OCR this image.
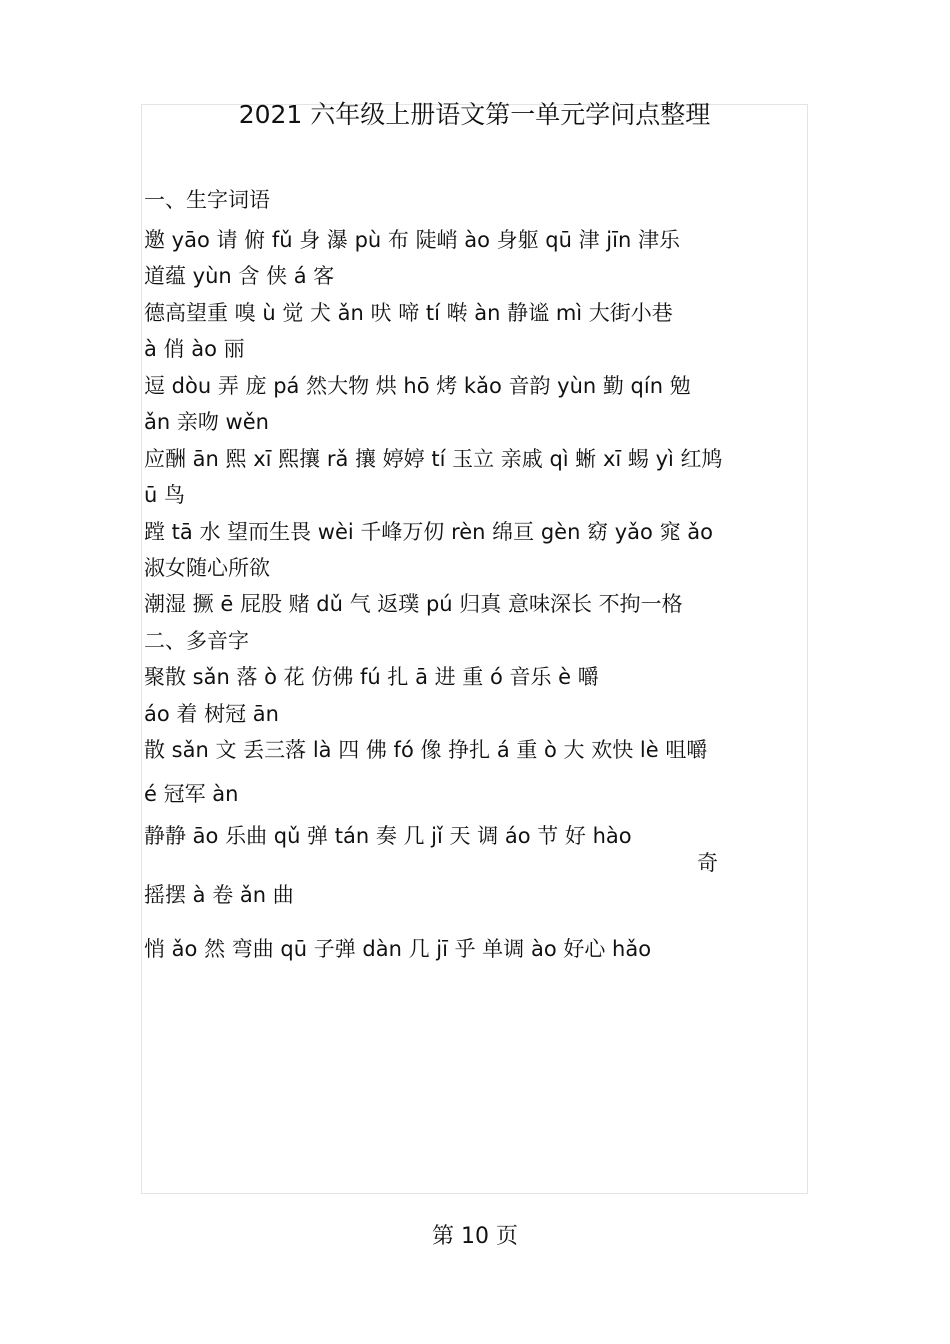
2021 六年级上册语文第一单元学问点整理
一、生字词语
邀 yāo 请 俯 fǔ 身 瀑 pù 布 陡峭 ào 身躯 qū 津 jīn 津乐
道蕴 yùn 含 侠 á 客
德高望重 嗅 ù 觉 犬 ǎn 吠 啼 tí 啭 àn 静谧 mì 大街小巷
à 俏 ào 丽
逗 dòu 弄 庞 pá 然大物 烘 hō 烤 kǎo 音韵 yùn 勤 qín 勉
ǎn 亲吻 wěn
应酬 ān 熙 xī 熙攘 rǎ 攘 婷婷 tí 玉立 亲戚 qì 蜥 xī 蜴 yì 红鸠
ū 鸟
蹚 tā 水 望而生畏 wèi 千峰万仞 rèn 绵亘 gèn 窈 yǎo 窕 ǎo
淑女随心所欲
潮湿 撅 ē 屁股 赌 dǔ 气 返璞 pú 归真 意味深长 不拘一格
二、多音字
聚散 sǎn 落 ò 花 仿佛 fú 扎 ā 进 重 ó 音乐 è 嚼
áo 着 树冠 ān
散 sǎn 文 丢三落 là 四 佛 fó 像 挣扎 á 重 ò 大 欢快 lè 咀嚼
é 冠军 àn
静静 āo 乐曲 qǔ 弹 tán 奏 几 jǐ 天 调 áo 节 好 hào
奇
摇摆 à 卷 ǎn 曲
悄 ǎo 然 弯曲 qū 子弹 dàn 几 jī 乎 单调 ào 好心 hǎo
第 10 页
